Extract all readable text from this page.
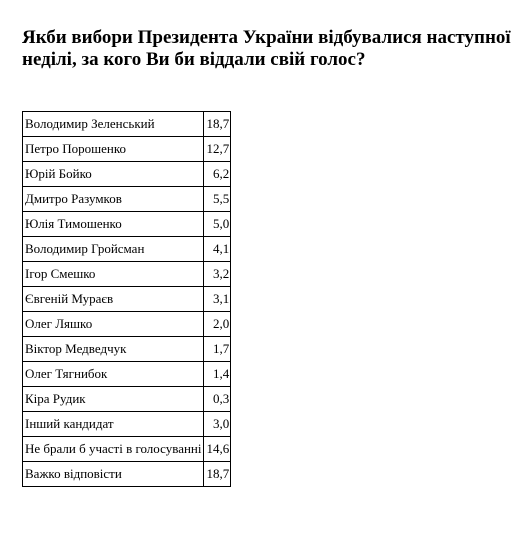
Якби вибори Президента України відбувалися наступної
неділі, за кого Ви би віддали свій голос?
Володимир Зеленський	18,7
Петро Порошенко	12,7
Юрій Бойко	6,2
Дмитро Разумков	5,5
Юлія Тимошенко	5,0
Володимир Гройсман	4,1
Ігор Смешко	3,2
Євгеній Мураєв	3,1
Олег Ляшко	2,0
Віктор Медведчук	1,7
Олег Тягнибок	1,4
Кіра Рудик	0,3
Інший кандидат	3,0
Не брали б участі в голосуванні	14,6
Важко відповісти	18,7
